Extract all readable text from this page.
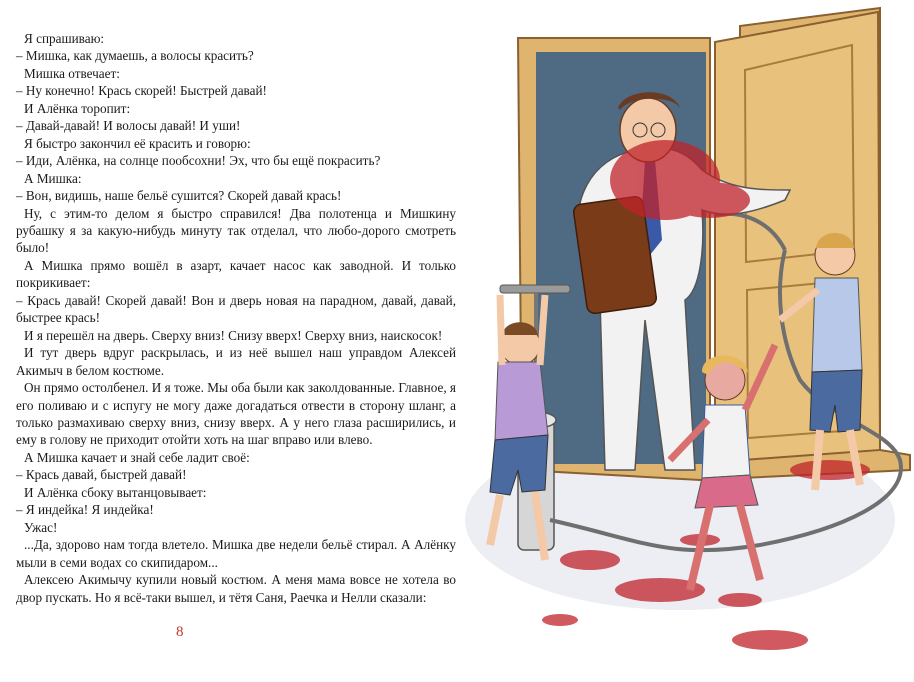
Я спрашиваю:

– Мишка, как думаешь, а волосы красить?

Мишка отвечает:

– Ну конечно! Крась скорей! Быстрей давай!

И Алёнка торопит:

– Давай-давай! И волосы давай! И уши!

Я быстро закончил её красить и говорю:

– Иди, Алёнка, на солнце пообсохни! Эх, что бы ещё покрасить?

А Мишка:

– Вон, видишь, наше бельё сушится? Скорей давай крась!

Ну, с этим-то делом я быстро справился! Два полотенца и Мишкину рубашку я за какую-нибудь минуту так отделал, что любо-дорого смотреть было!

А Мишка прямо вошёл в азарт, качает насос как заводной. И только покрикивает:

– Крась давай! Скорей давай! Вон и дверь новая на парадном, давай, давай, быстрее крась!

И я перешёл на дверь. Сверху вниз! Снизу вверх! Сверху вниз, наискосок!

И тут дверь вдруг раскрылась, и из неё вышел наш управдом Алексей Акимыч в белом костюме.

Он прямо остолбенел. И я тоже. Мы оба были как заколдованные. Главное, я его поливаю и с испугу не могу даже догадаться отвести в сторону шланг, а только размахиваю сверху вниз, снизу вверх. А у него глаза расширились, и ему в голову не приходит отойти хоть на шаг вправо или влево.

А Мишка качает и знай себе ладит своё:

– Крась давай, быстрей давай!

И Алёнка сбоку вытанцовывает:

– Я индейка! Я индейка!

Ужас!

...Да, здорово нам тогда влетело. Мишка две недели бельё стирал. А Алёнку мыли в семи водах со скипидаром...

Алексею Акимычу купили новый костюм. А меня мама вовсе не хотела во двор пускать. Но я всё-таки вышел, и тётя Саня, Раечка и Нелли сказали:

8
